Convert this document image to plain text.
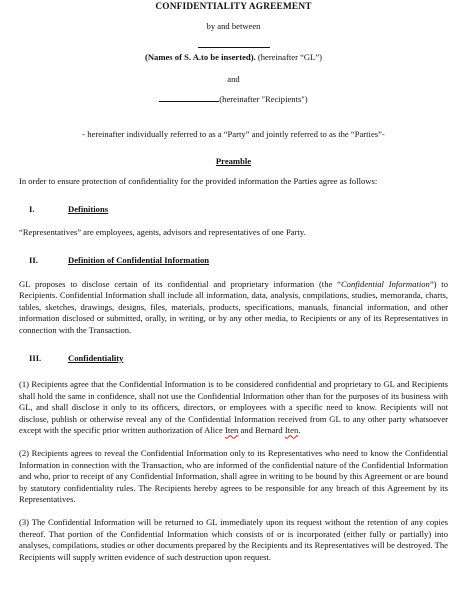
CONFIDENTIALITY AGREEMENT
by and between
(Names of S. A.to be inserted). (hereinafter “GL”)
and
(hereinafter "Recipients")
- hereinafter individually referred to as a “Party” and jointly referred to as the “Parties”-
Preamble
In order to ensure protection of confidentiality for the provided information the Parties agree as follows:
I.	Definitions
“Representatives” are employees, agents, advisors and representatives of one Party.
II.	Definition of Confidential Information
GL proposes to disclose certain of its confidential and proprietary information (the “Confidential Information”) to Recipients. Confidential Information shall include all information, data, analysis, compilations, studies, memoranda, charts, tables, sketches, drawings, designs, files, materials, products, specifications, manuals, financial information, and other information disclosed or submitted, orally, in writing, or by any other media, to Recipients or any of its Representatives in connection with the Transaction.
III.	Confidentiality
(1) Recipients agree that the Confidential Information is to be considered confidential and proprietary to GL and Recipients shall hold the same in confidence, shall not use the Confidential Information other than for the purposes of its business with GL, and shall disclose it only to its officers, directors, or employees with a specific need to know. Recipients will not disclose, publish or otherwise reveal any of the Confidential Information received from GL to any other party whatsoever except with the specific prior written authorization of Alice Iten and Bernard Iten.
(2) Recipients agrees to reveal the Confidential Information only to its Representatives who need to know the Confidential Information in connection with the Transaction, who are informed of the confidential nature of the Confidential Information and who, prior to receipt of any Confidential Information, shall agree in writing to be bound by this Agreement or are bound by statutory confidentiality rules. The Recipients hereby agrees to be responsible for any breach of this Agreement by its Representatives.
(3) The Confidential Information will be returned to GL immediately upon its request without the retention of any copies thereof. That portion of the Confidential Information which consists of or is incorporated (either fully or partially) into analyses, compilations, studies or other documents prepared by the Recipients and its Representatives will be destroyed. The Recipients will supply written evidence of such destruction upon request.
